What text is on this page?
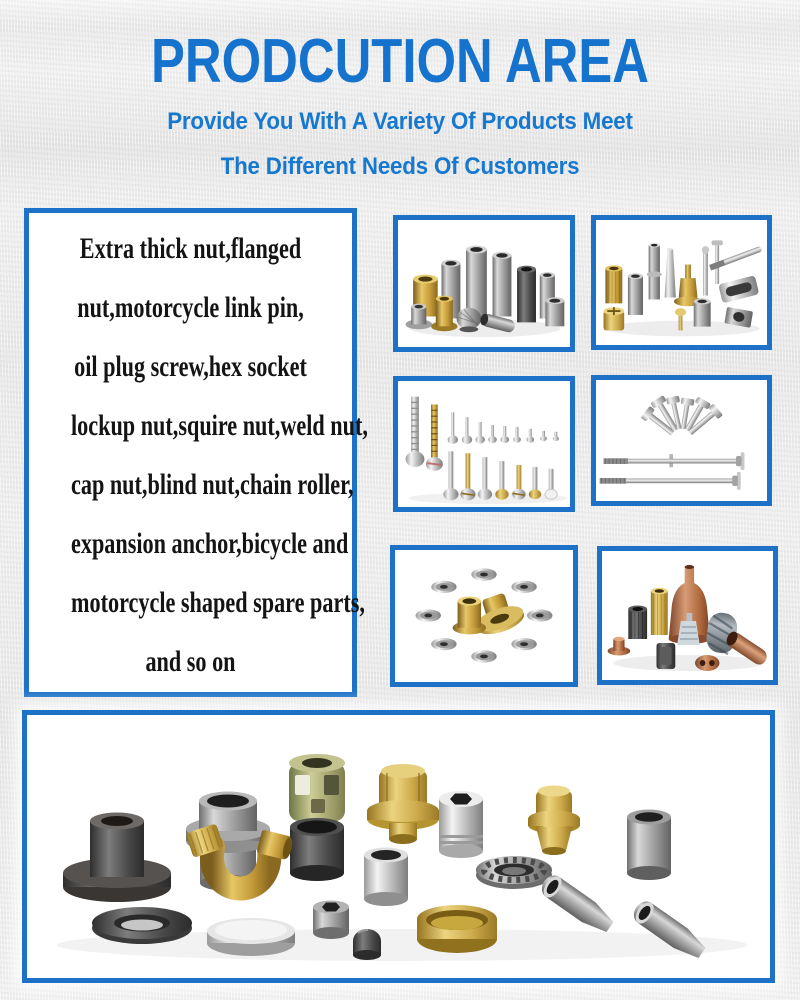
PRODCUTION AREA
Provide You With A Variety Of Products Meet
The Different Needs Of Customers
Extra thick nut,flanged
nut,motorcycle link pin,
oil plug screw,hex socket
lockup nut,squire nut,weld nut,
cap nut,blind nut,chain roller,
expansion anchor,bicycle and
motorcycle shaped spare parts,
and so on
